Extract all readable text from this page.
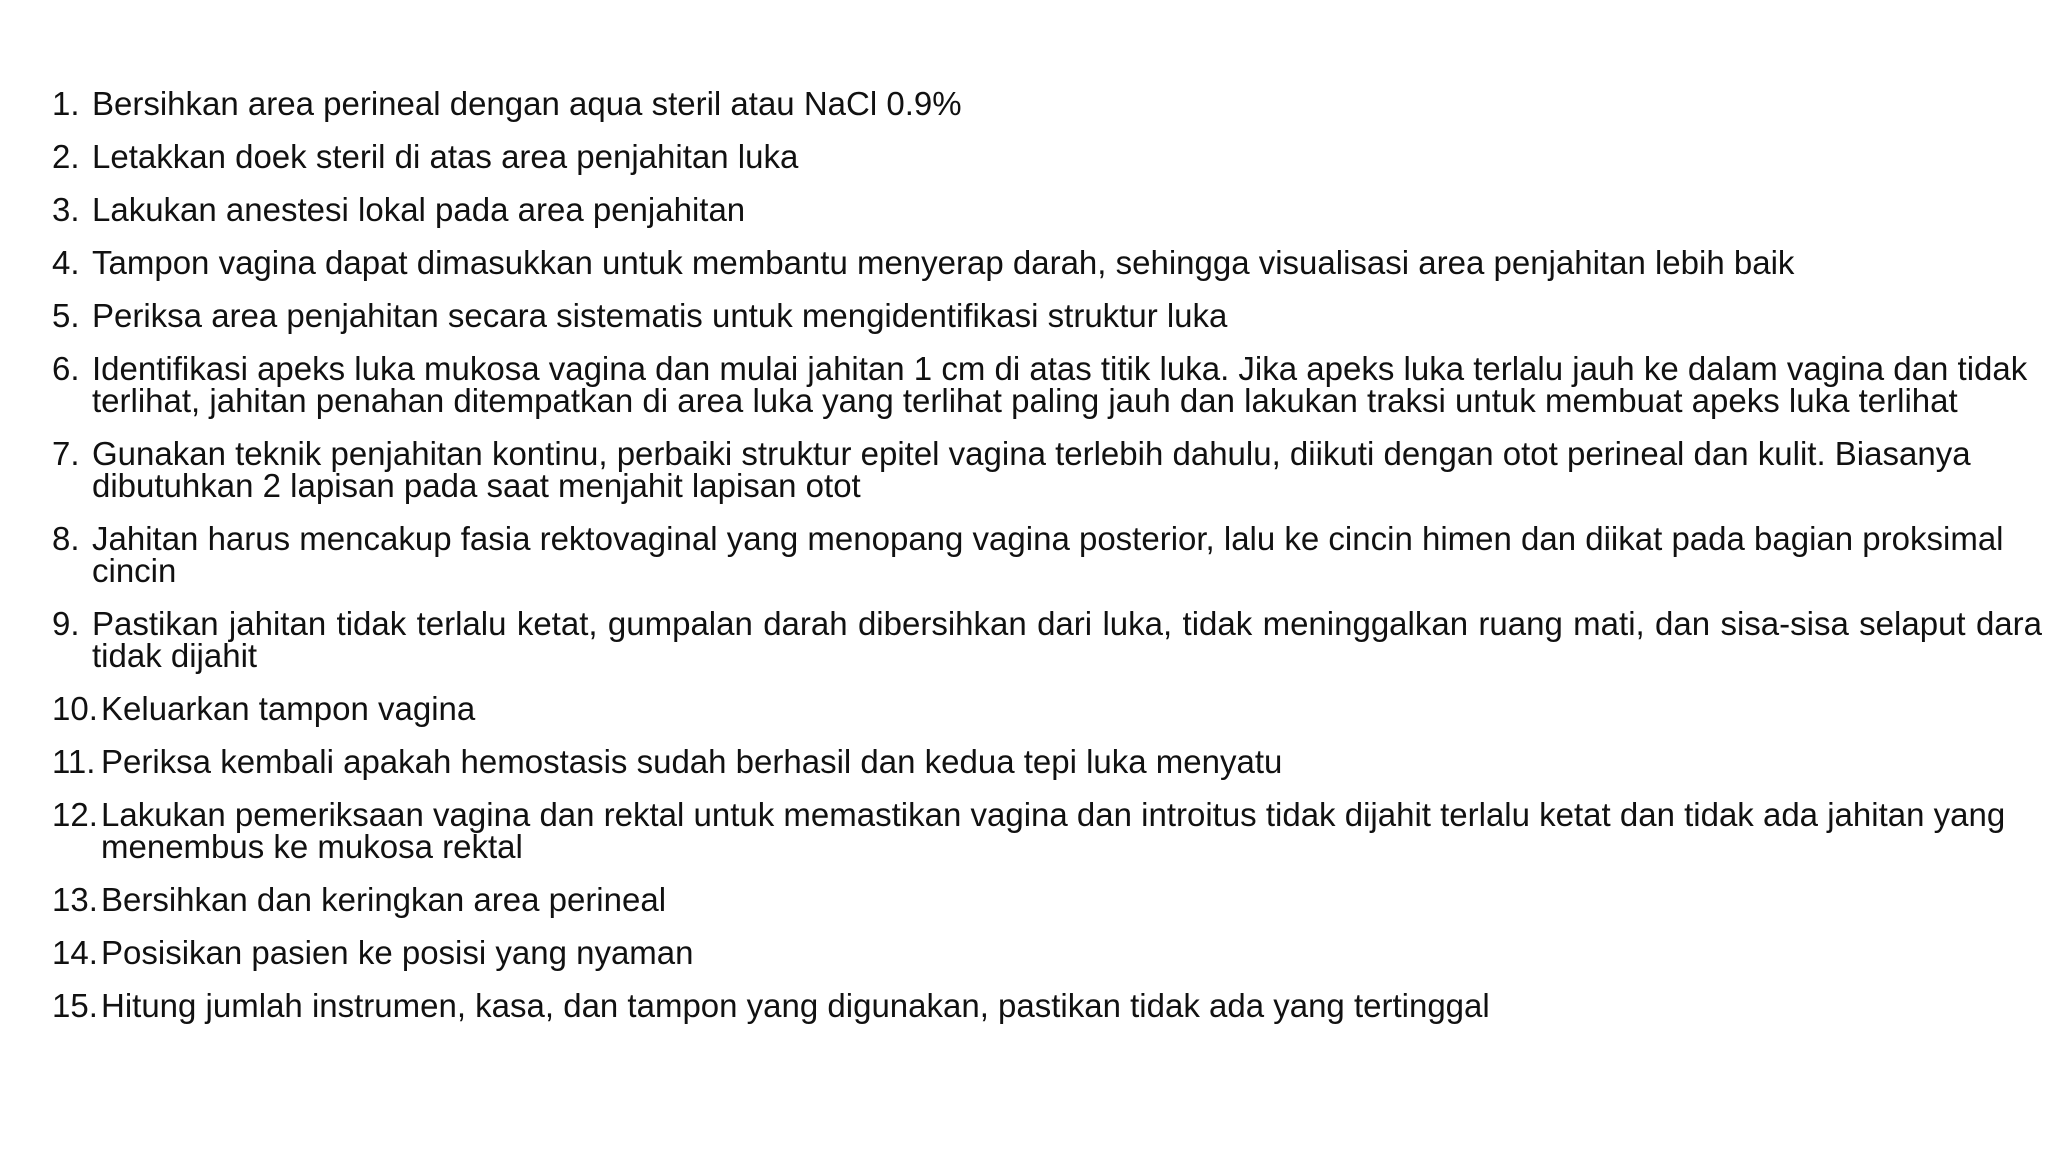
1. Bersihkan area perineal dengan aqua steril atau NaCl 0.9%
2. Letakkan doek steril di atas area penjahitan luka
3. Lakukan anestesi lokal pada area penjahitan
4. Tampon vagina dapat dimasukkan untuk membantu menyerap darah, sehingga visualisasi area penjahitan lebih baik
5. Periksa area penjahitan secara sistematis untuk mengidentifikasi struktur luka
6. Identifikasi apeks luka mukosa vagina dan mulai jahitan 1 cm di atas titik luka. Jika apeks luka terlalu jauh ke dalam vagina dan tidak terlihat, jahitan penahan ditempatkan di area luka yang terlihat paling jauh dan lakukan traksi untuk membuat apeks luka terlihat
7. Gunakan teknik penjahitan kontinu, perbaiki struktur epitel vagina terlebih dahulu, diikuti dengan otot perineal dan kulit. Biasanya dibutuhkan 2 lapisan pada saat menjahit lapisan otot
8. Jahitan harus mencakup fasia rektovaginal yang menopang vagina posterior, lalu ke cincin himen dan diikat pada bagian proksimal cincin
9. Pastikan jahitan tidak terlalu ketat, gumpalan darah dibersihkan dari luka, tidak meninggalkan ruang mati, dan sisa-sisa selaput dara tidak dijahit
10. Keluarkan tampon vagina
11. Periksa kembali apakah hemostasis sudah berhasil dan kedua tepi luka menyatu
12. Lakukan pemeriksaan vagina dan rektal untuk memastikan vagina dan introitus tidak dijahit terlalu ketat dan tidak ada jahitan yang menembus ke mukosa rektal
13. Bersihkan dan keringkan area perineal
14. Posisikan pasien ke posisi yang nyaman
15. Hitung jumlah instrumen, kasa, dan tampon yang digunakan, pastikan tidak ada yang tertinggal
